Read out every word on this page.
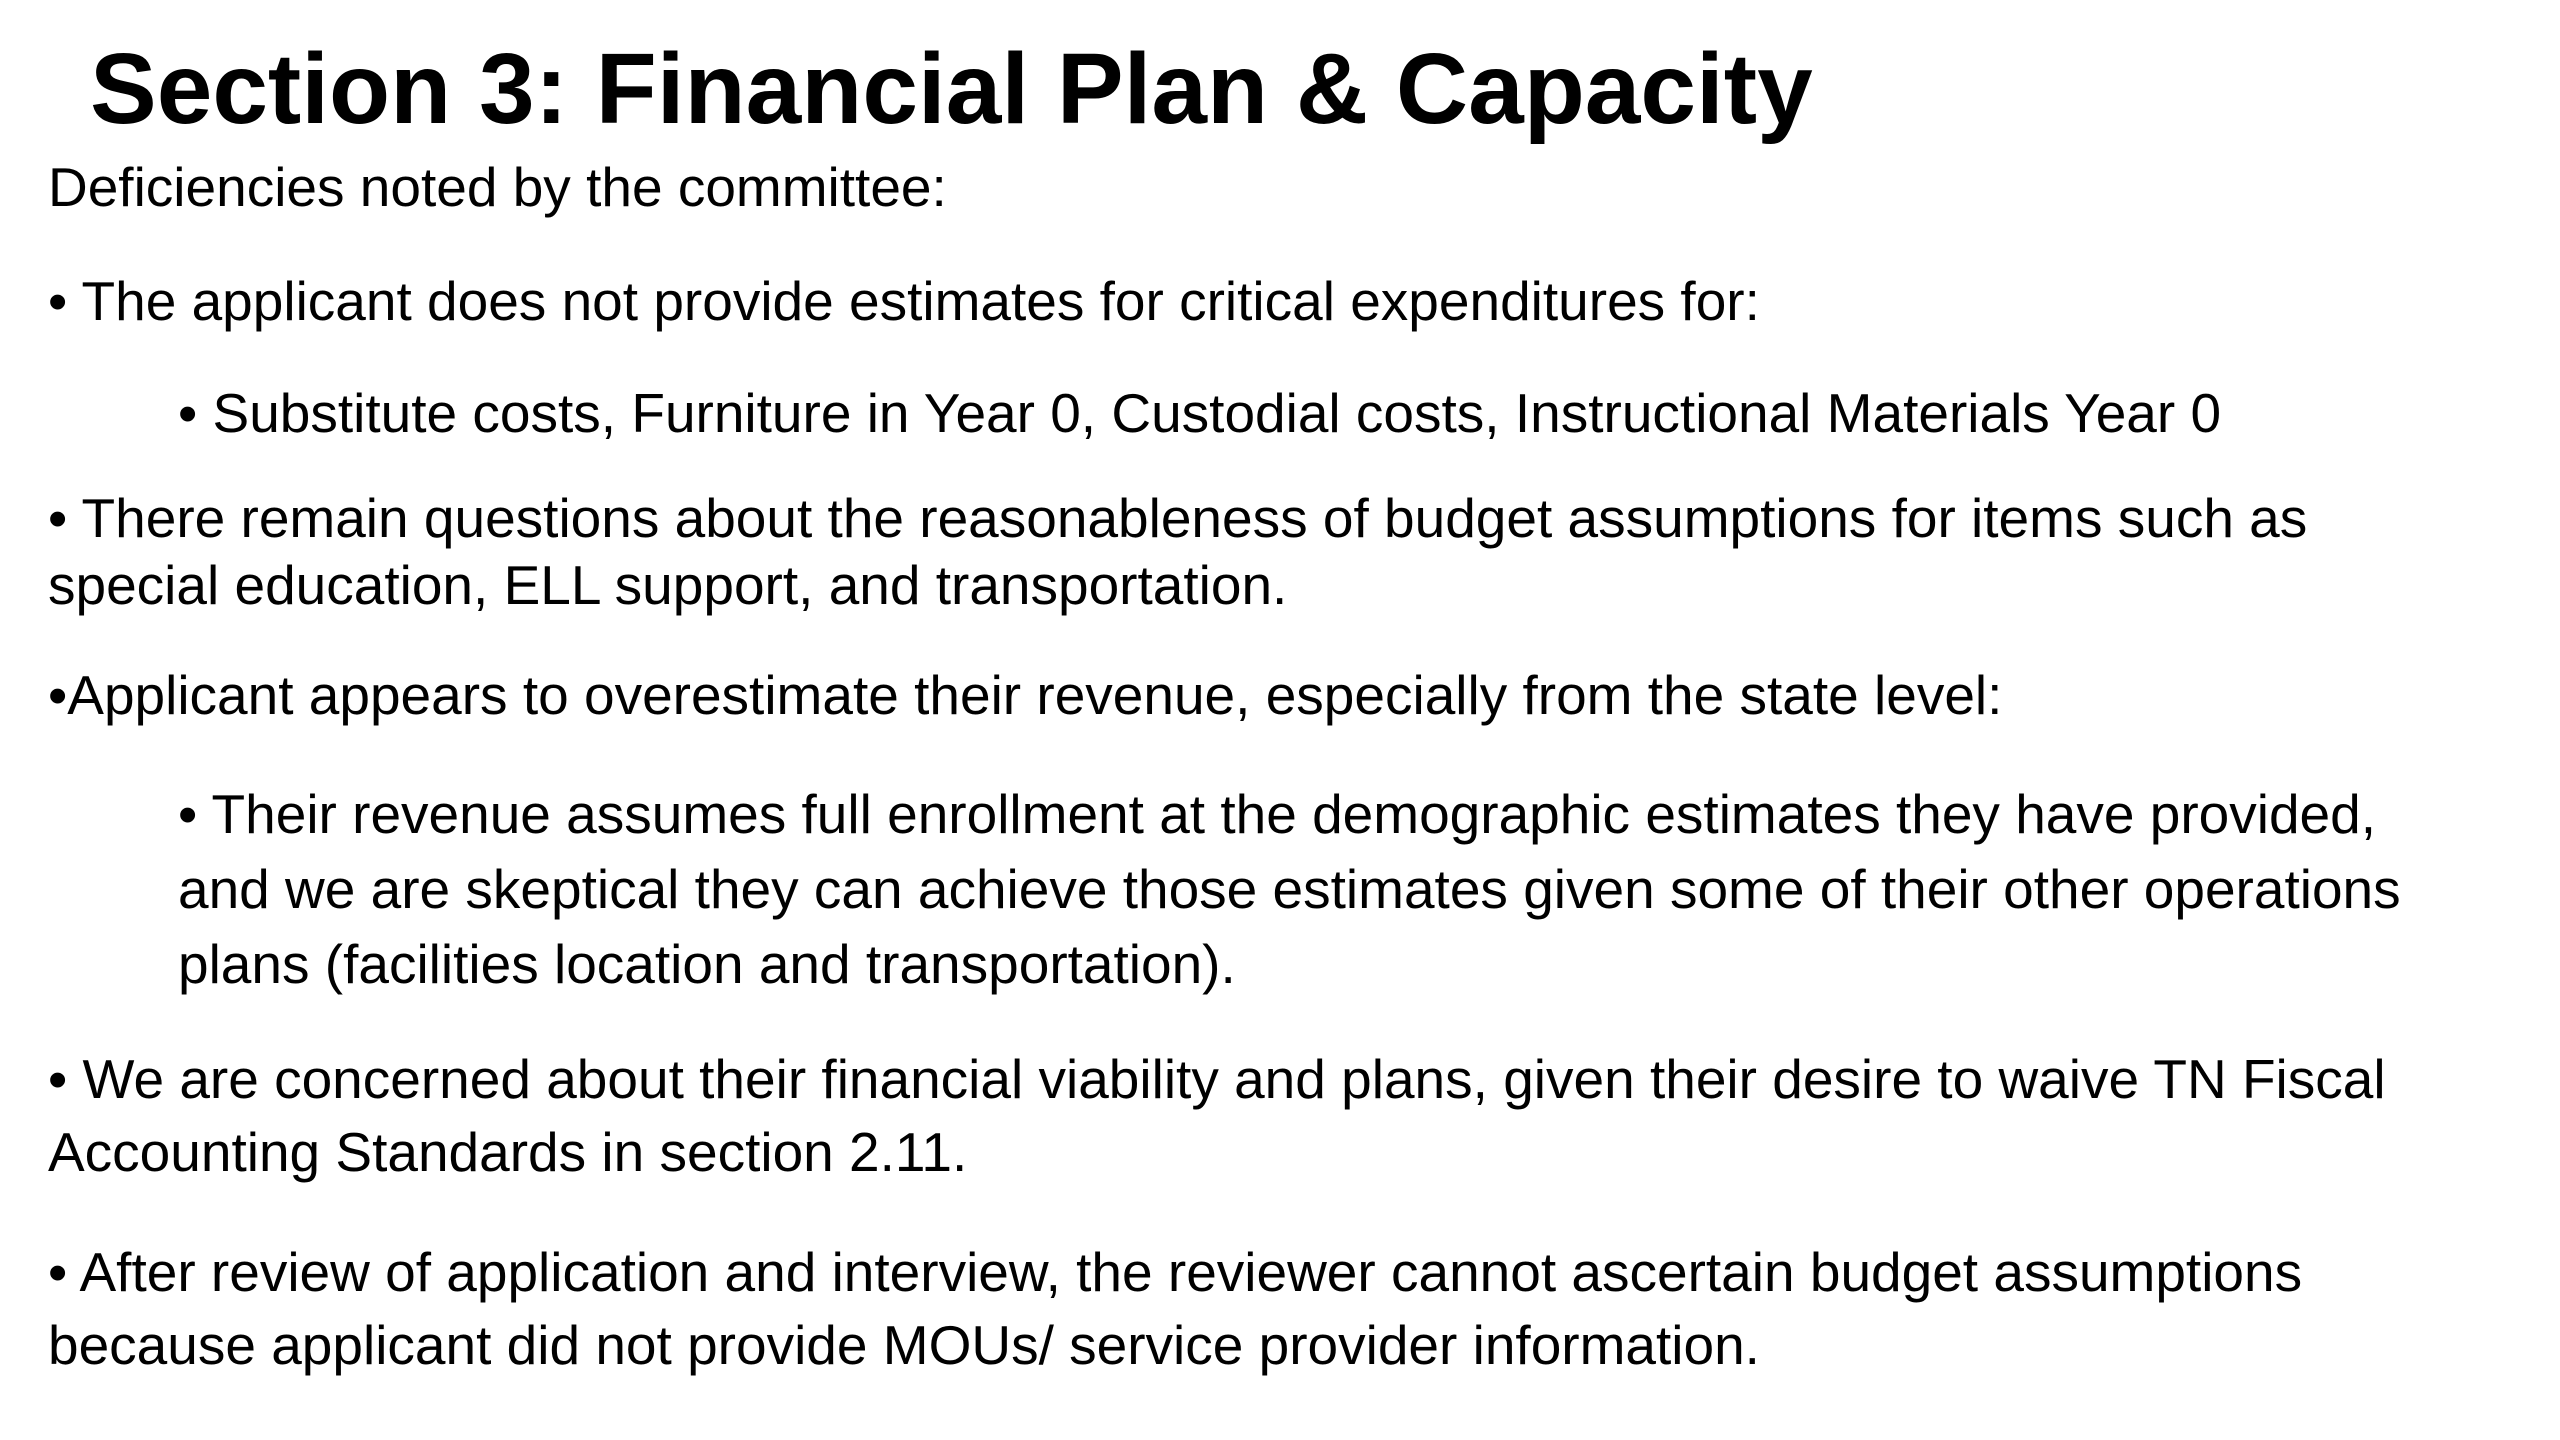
Section 3: Financial Plan & Capacity

Deficiencies noted by the committee:

• The applicant does not provide estimates for critical expenditures for:

• Substitute costs, Furniture in Year 0, Custodial costs, Instructional Materials Year 0

• There remain questions about the reasonableness of budget assumptions for items such as special education, ELL support, and transportation.

•Applicant appears to overestimate their revenue, especially from the state level:

• Their revenue assumes full enrollment at the demographic estimates they have provided, and we are skeptical they can achieve those estimates given some of their other operations plans (facilities location and transportation).

• We are concerned about their financial viability and plans, given their desire to waive TN Fiscal Accounting Standards in section 2.11.

• After review of application and interview, the reviewer cannot ascertain budget assumptions because applicant did not provide MOUs/ service provider information.
